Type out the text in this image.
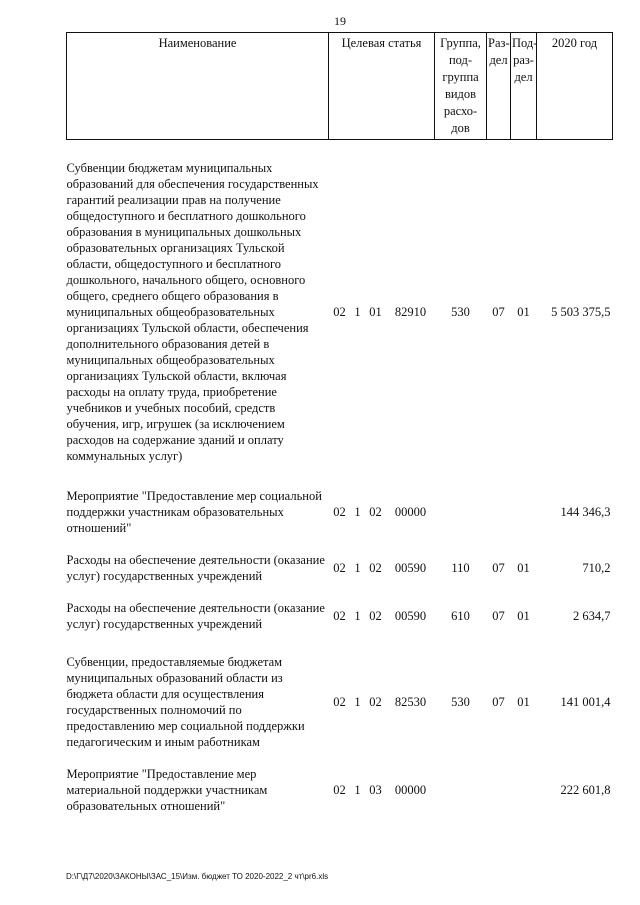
19
Наименование	Целевая статья				Группа, под-группа видов расхо-дов	Раз-дел	Под-раз-дел	2020 год

Субвенции бюджетам муниципальных образований для обеспечения государственных гарантий реализации прав на получение общедоступного и бесплатного дошкольного образования в муниципальных дошкольных образовательных организациях Тульской области, общедоступного и бесплатного дошкольного, начального общего, основного общего, среднего общего образования в муниципальных общеобразовательных организациях Тульской области, обеспечения дополнительного образования детей в муниципальных общеобразовательных организациях Тульской области, включая расходы на оплату труда, приобретение учебников и учебных пособий, средств обучения, игр, игрушек (за исключением расходов на содержание зданий и оплату коммунальных услуг)	02	1	01	82910	530	07	01	5 503 375,5

Мероприятие "Предоставление мер социальной поддержки участникам образовательных отношений"	02	1	02	00000				144 346,3

Расходы на обеспечение деятельности (оказание услуг) государственных учреждений	02	1	02	00590	110	07	01	710,2

Расходы на обеспечение деятельности (оказание услуг) государственных учреждений	02	1	02	00590	610	07	01	2 634,7

Субвенции, предоставляемые бюджетам муниципальных образований области из бюджета области для осуществления государственных полномочий по предоставлению мер социальной поддержки педагогическим и иным работникам	02	1	02	82530	530	07	01	141 001,4

Мероприятие "Предоставление мер материальной поддержки участникам образовательных отношений"	02	1	03	00000				222 601,8
D:\Г\Д7\2020\ЗАКОНЫ\ЗАС_15\Изм. бюджет ТО 2020-2022_2 чт\pr6.xls
